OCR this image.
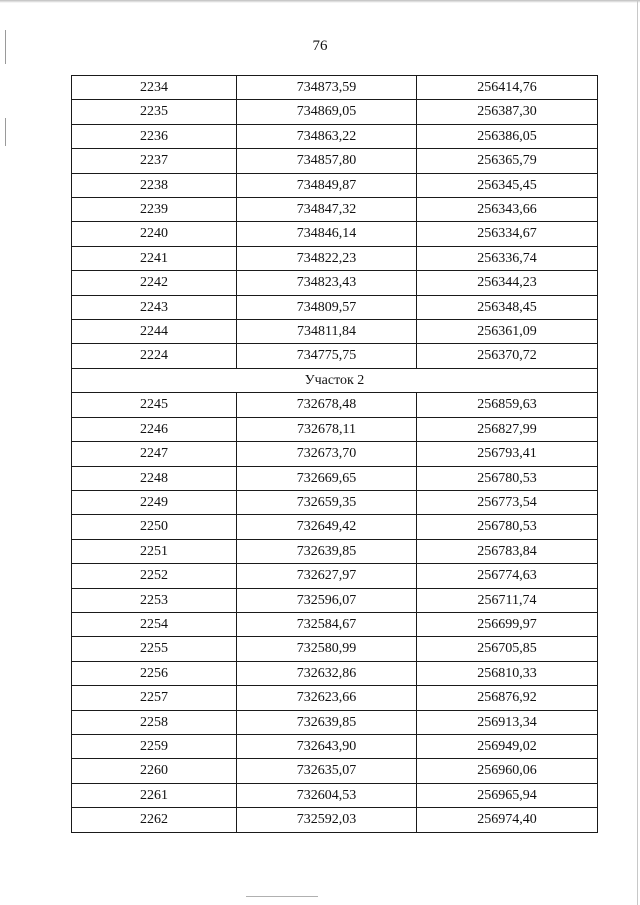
76
2234	734873,59	256414,76
2235	734869,05	256387,30
2236	734863,22	256386,05
2237	734857,80	256365,79
2238	734849,87	256345,45
2239	734847,32	256343,66
2240	734846,14	256334,67
2241	734822,23	256336,74
2242	734823,43	256344,23
2243	734809,57	256348,45
2244	734811,84	256361,09
2224	734775,75	256370,72
Участок 2		
2245	732678,48	256859,63
2246	732678,11	256827,99
2247	732673,70	256793,41
2248	732669,65	256780,53
2249	732659,35	256773,54
2250	732649,42	256780,53
2251	732639,85	256783,84
2252	732627,97	256774,63
2253	732596,07	256711,74
2254	732584,67	256699,97
2255	732580,99	256705,85
2256	732632,86	256810,33
2257	732623,66	256876,92
2258	732639,85	256913,34
2259	732643,90	256949,02
2260	732635,07	256960,06
2261	732604,53	256965,94
2262	732592,03	256974,40
